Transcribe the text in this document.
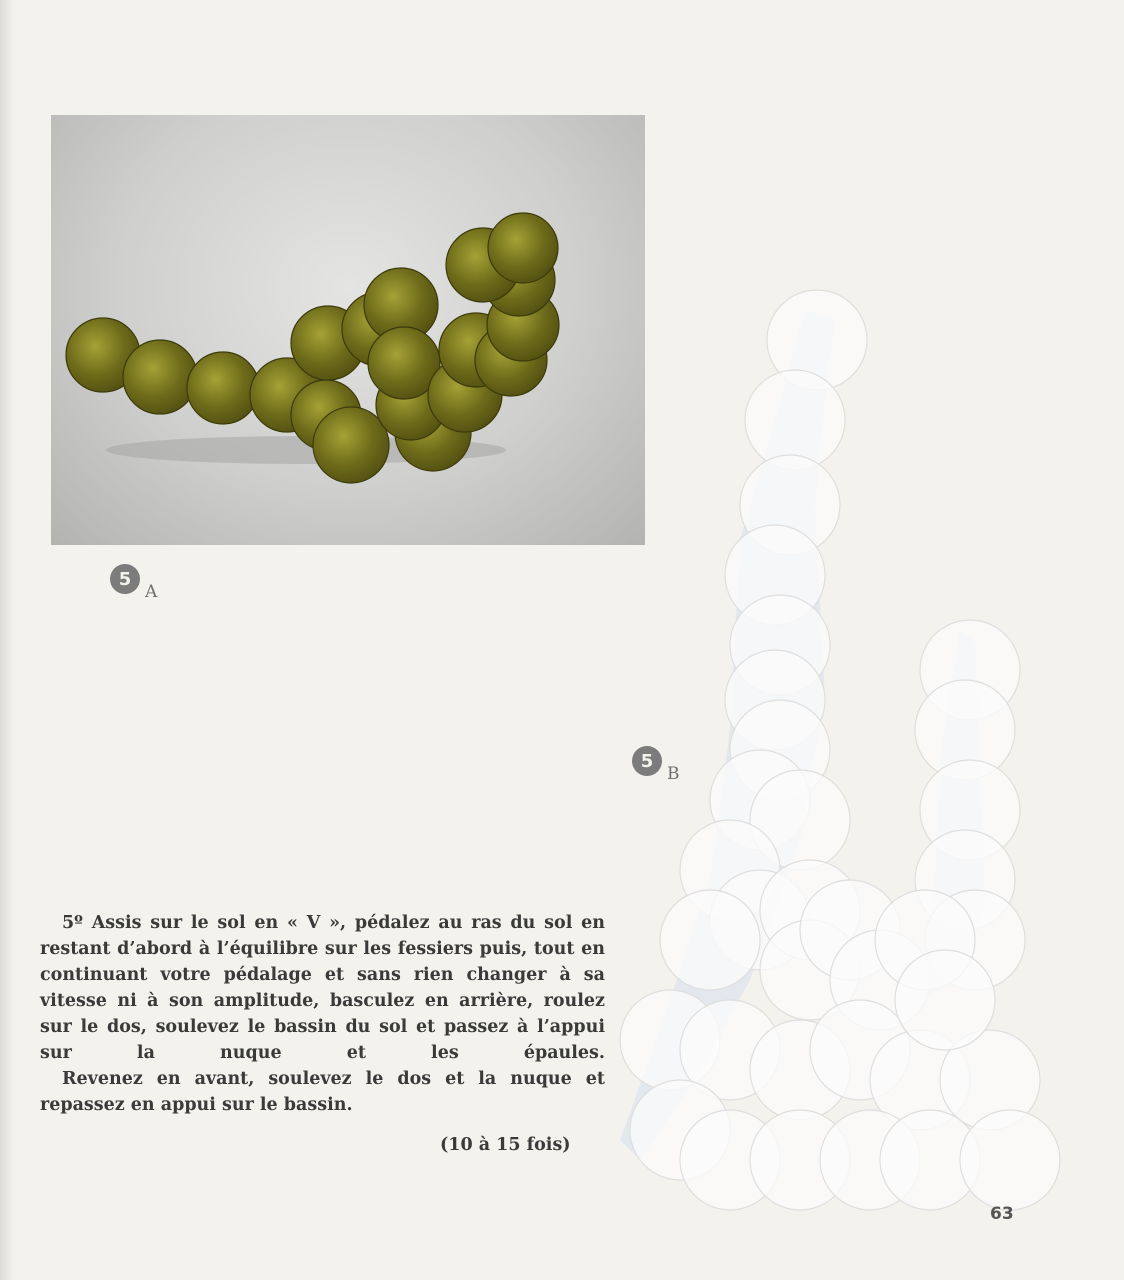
5
A
5
B

5º Assis sur le sol en « V », pédalez au ras du sol en restant d’abord à l’équilibre sur les fessiers puis, tout en continuant votre pédalage et sans rien changer à sa vitesse ni à son amplitude, basculez en arrière, roulez sur le dos, soulevez le bassin du sol et passez à l’appui sur la nuque et les épaules.

Revenez en avant, soulevez le dos et la nuque et repassez en appui sur le bassin.

(10 à 15 fois)
63
